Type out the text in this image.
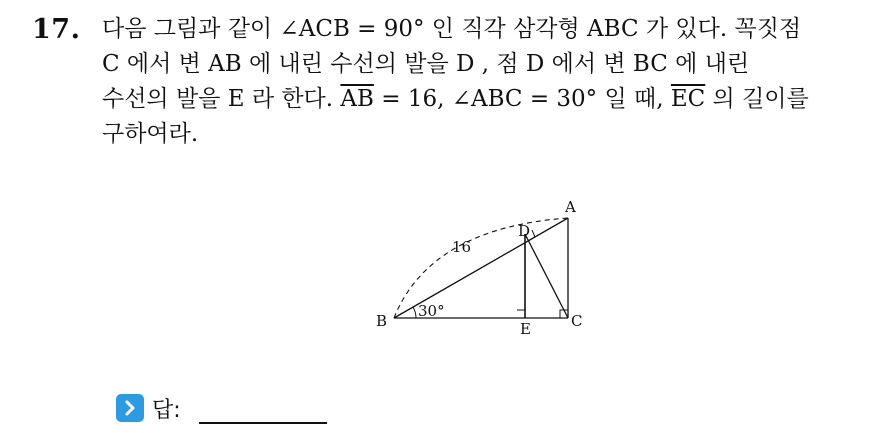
17. 다음 그림과 같이 ∠ACB = 90° 인 직각 삼각형 ABC 가 있다. 꼭짓점
C 에서 변 AB 에 내린 수선의 발을 D , 점 D 에서 변 BC 에 내린
수선의 발을 E 라 한다. $\overline{AB} = 16$, ∠ABC = 30° 일 때, $\overline{EC}$ 의 길이를
구하여라.
B	C
A
D
E
16
30°
답:
